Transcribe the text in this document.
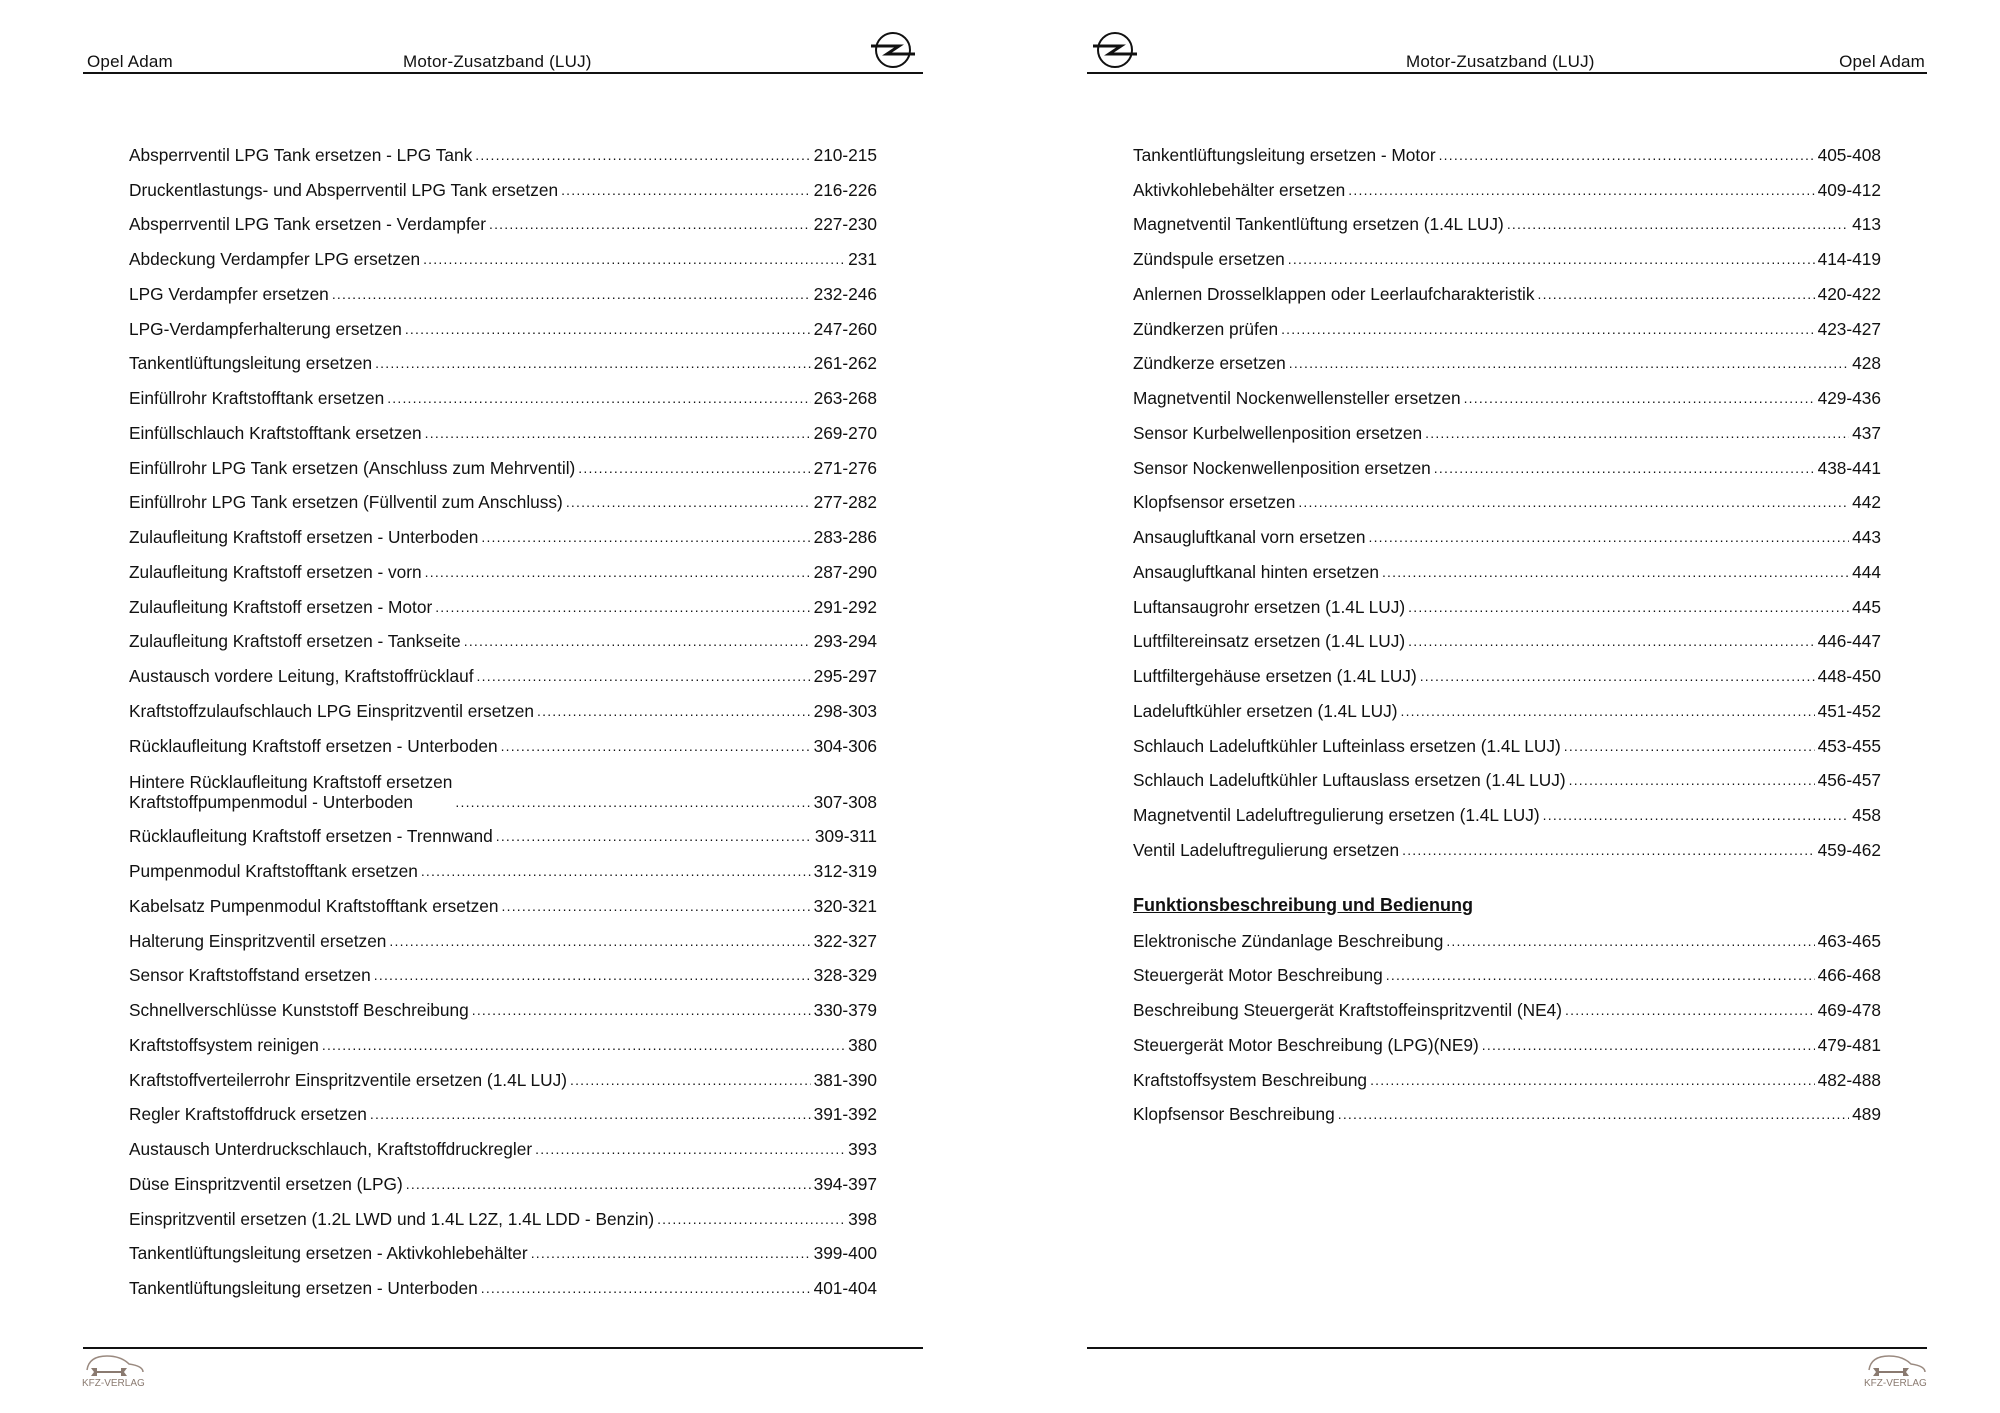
Opel Adam	Motor-Zusatzband (LUJ)
Absperrventil LPG Tank ersetzen - LPG Tank .....	210-215
Druckentlastungs- und Absperrventil LPG Tank ersetzen .....	216-226
Absperrventil LPG Tank ersetzen - Verdampfer .....	227-230
Abdeckung Verdampfer LPG ersetzen .....	231
LPG Verdampfer ersetzen .....	232-246
LPG-Verdampferhalterung ersetzen .....	247-260
Tankentlüftungsleitung ersetzen .....	261-262
Einfüllrohr Kraftstofftank ersetzen .....	263-268
Einfüllschlauch Kraftstofftank ersetzen .....	269-270
Einfüllrohr LPG Tank ersetzen (Anschluss zum Mehrventil) .....	271-276
Einfüllrohr LPG Tank ersetzen (Füllventil zum Anschluss) .....	277-282
Zulaufleitung Kraftstoff ersetzen - Unterboden .....	283-286
Zulaufleitung Kraftstoff ersetzen - vorn .....	287-290
Zulaufleitung Kraftstoff ersetzen - Motor .....	291-292
Zulaufleitung Kraftstoff ersetzen - Tankseite .....	293-294
Austausch vordere Leitung, Kraftstoffrücklauf .....	295-297
Kraftstoffzulaufschlauch LPG Einspritzventil ersetzen .....	298-303
Rücklaufleitung Kraftstoff ersetzen - Unterboden .....	304-306
Hintere Rücklaufleitung Kraftstoff ersetzen
Kraftstoffpumpenmodul - Unterboden .....	307-308
Rücklaufleitung Kraftstoff ersetzen - Trennwand .....	309-311
Pumpenmodul Kraftstofftank ersetzen .....	312-319
Kabelsatz Pumpenmodul Kraftstofftank ersetzen .....	320-321
Halterung Einspritzventil ersetzen .....	322-327
Sensor Kraftstoffstand ersetzen .....	328-329
Schnellverschlüsse Kunststoff Beschreibung .....	330-379
Kraftstoffsystem reinigen .....	380
Kraftstoffverteilerrohr Einspritzventile ersetzen (1.4L LUJ) .....	381-390
Regler Kraftstoffdruck ersetzen .....	391-392
Austausch Unterdruckschlauch, Kraftstoffdruckregler .....	393
Düse Einspritzventil ersetzen (LPG) .....	394-397
Einspritzventil ersetzen (1.2L LWD und 1.4L L2Z, 1.4L LDD - Benzin) .....	398
Tankentlüftungsleitung ersetzen - Aktivkohlebehälter .....	399-400
Tankentlüftungsleitung ersetzen - Unterboden .....	401-404
KFZ-VERLAG
Motor-Zusatzband (LUJ)	Opel Adam
Tankentlüftungsleitung ersetzen - Motor .....	405-408
Aktivkohlebehälter ersetzen .....	409-412
Magnetventil Tankentlüftung ersetzen (1.4L LUJ) .....	413
Zündspule ersetzen .....	414-419
Anlernen Drosselklappen oder Leerlaufcharakteristik .....	420-422
Zündkerzen prüfen .....	423-427
Zündkerze ersetzen .....	428
Magnetventil Nockenwellensteller ersetzen .....	429-436
Sensor Kurbelwellenposition ersetzen .....	437
Sensor Nockenwellenposition ersetzen .....	438-441
Klopfsensor ersetzen .....	442
Ansaugluftkanal vorn ersetzen .....	443
Ansaugluftkanal hinten ersetzen .....	444
Luftansaugrohr ersetzen (1.4L LUJ) .....	445
Luftfiltereinsatz ersetzen (1.4L LUJ) .....	446-447
Luftfiltergehäuse ersetzen (1.4L LUJ) .....	448-450
Ladeluftkühler ersetzen (1.4L LUJ) .....	451-452
Schlauch Ladeluftkühler Lufteinlass ersetzen (1.4L LUJ) .....	453-455
Schlauch Ladeluftkühler Luftauslass ersetzen (1.4L LUJ) .....	456-457
Magnetventil Ladeluftregulierung ersetzen (1.4L LUJ) .....	458
Ventil Ladeluftregulierung ersetzen .....	459-462
Funktionsbeschreibung und Bedienung
Elektronische Zündanlage Beschreibung .....	463-465
Steuergerät Motor Beschreibung .....	466-468
Beschreibung Steuergerät Kraftstoffeinspritzventil (NE4) .....	469-478
Steuergerät Motor Beschreibung (LPG)(NE9) .....	479-481
Kraftstoffsystem Beschreibung .....	482-488
Klopfsensor Beschreibung .....	489
KFZ-VERLAG
